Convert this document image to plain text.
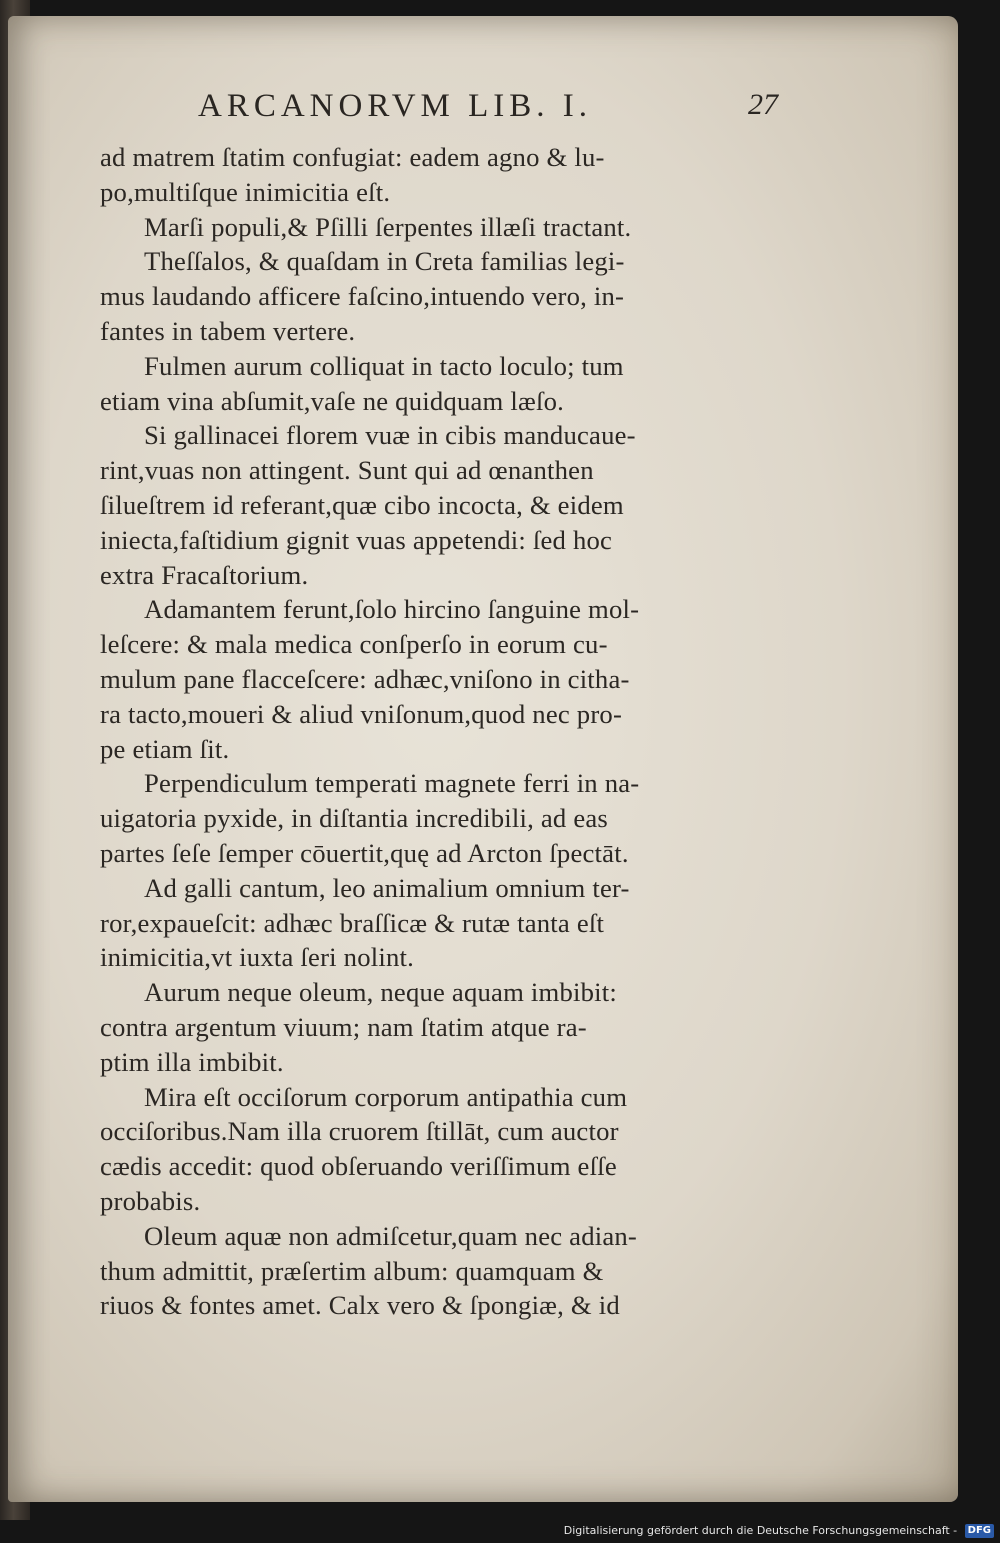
ARCANORVM LIB. I.	27
ad matrem ſtatim confugiat: eadem agno & lu-
po,multiſque inimicitia eſt.
Marſi populi,& Pſilli ſerpentes illæſi tractant.
Theſſalos, & quaſdam in Creta familias legi-
mus laudando afficere faſcino,intuendo vero, in-
fantes in tabem vertere.
Fulmen aurum colliquat in tacto loculo; tum
etiam vina abſumit,vaſe ne quidquam læſo.
Si gallinacei florem vuæ in cibis manducaue-
rint,vuas non attingent. Sunt qui ad œnanthen
ſilueſtrem id referant,quæ cibo incocta, & eidem
iniecta,faſtidium gignit vuas appetendi: ſed hoc
extra Fracaſtorium.
Adamantem ferunt,ſolo hircino ſanguine mol-
leſcere: & mala medica conſperſo in eorum cu-
mulum pane flacceſcere: adhæc,vniſono in citha-
ra tacto,moueri & aliud vniſonum,quod nec pro-
pe etiam ſit.
Perpendiculum temperati magnete ferri in na-
uigatoria pyxide, in diſtantia incredibili, ad eas
partes ſeſe ſemper cōuertit,quę ad Arcton ſpectāt.
Ad galli cantum, leo animalium omnium ter-
ror,expaueſcit: adhæc braſſicæ & rutæ tanta eſt
inimicitia,vt iuxta ſeri nolint.
Aurum neque oleum, neque aquam imbibit:
contra argentum viuum; nam ſtatim atque ra-
ptim illa imbibit.
Mira eſt occiſorum corporum antipathia cum
occiſoribus.Nam illa cruorem ſtillāt, cum auctor
cædis accedit: quod obſeruando veriſſimum eſſe
probabis.
Oleum aquæ non admiſcetur,quam nec adian-
thum admittit, præſertim album: quamquam &
riuos & fontes amet. Calx vero & ſpongiæ, & id
Digitalisierung gefördert durch die Deutsche Forschungsgemeinschaft - DFG
